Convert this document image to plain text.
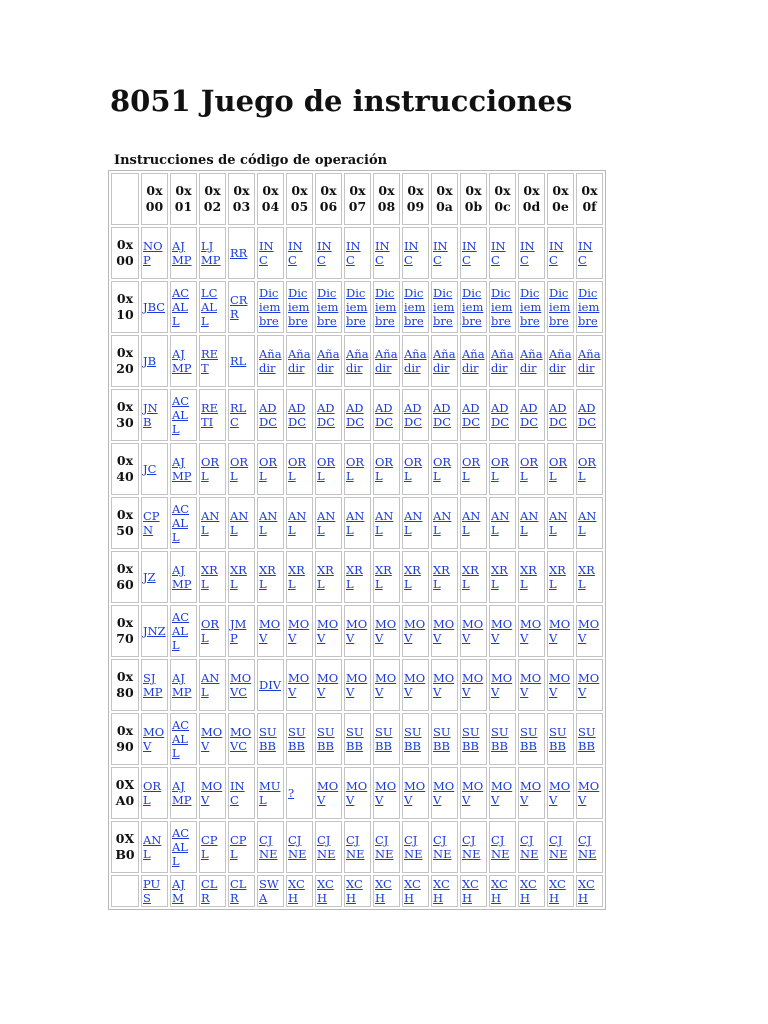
8051 Juego de instrucciones
Instrucciones de código de operación
	0x00	0x01	0x02	0x03	0x04	0x05	0x06	0x07	0x08	0x09	0x0a	0x0b	0x0c	0x0d	0x0e	0x0f
0x00	NOP	AJMP	LJMP	RR	INC	INC	INC	INC	INC	INC	INC	INC	INC	INC	INC	INC
0x10	JBC	ACALL	LCALL	CRR	Diciembre	Diciembre	Diciembre	Diciembre	Diciembre	Diciembre	Diciembre	Diciembre	Diciembre	Diciembre	Diciembre	Diciembre
0x20	JB	AJMP	RET	RL	Añadir	Añadir	Añadir	Añadir	Añadir	Añadir	Añadir	Añadir	Añadir	Añadir	Añadir	Añadir
0x30	JNB	ACALL	RETI	RLC	ADDC	ADDC	ADDC	ADDC	ADDC	ADDC	ADDC	ADDC	ADDC	ADDC	ADDC	ADDC
0x40	JC	AJMP	ORL	ORL	ORL	ORL	ORL	ORL	ORL	ORL	ORL	ORL	ORL	ORL	ORL	ORL
0x50	CPN	ACALL	ANL	ANL	ANL	ANL	ANL	ANL	ANL	ANL	ANL	ANL	ANL	ANL	ANL	ANL
0x60	JZ	AJMP	XRL	XRL	XRL	XRL	XRL	XRL	XRL	XRL	XRL	XRL	XRL	XRL	XRL	XRL
0x70	JNZ	ACALL	ORL	JMP	MOV	MOV	MOV	MOV	MOV	MOV	MOV	MOV	MOV	MOV	MOV	MOV
0x80	SJMP	AJMP	ANL	MOVC	DIV	MOV	MOV	MOV	MOV	MOV	MOV	MOV	MOV	MOV	MOV	MOV
0x90	MOV	ACALL	MOV	MOVC	SUBB	SUBB	SUBB	SUBB	SUBB	SUBB	SUBB	SUBB	SUBB	SUBB	SUBB	SUBB
0XA0	ORL	AJMP	MOV	INC	MUL	?	MOV	MOV	MOV	MOV	MOV	MOV	MOV	MOV	MOV	MOV
0XB0	ANL	ACALL	CPL	CPL	CJNE	CJNE	CJNE	CJNE	CJNE	CJNE	CJNE	CJNE	CJNE	CJNE	CJNE	CJNE
	PUS	AJM	CLR	CLR	SWA	XCH	XCH	XCH	XCH	XCH	XCH	XCH	XCH	XCH	XCH	XCH
